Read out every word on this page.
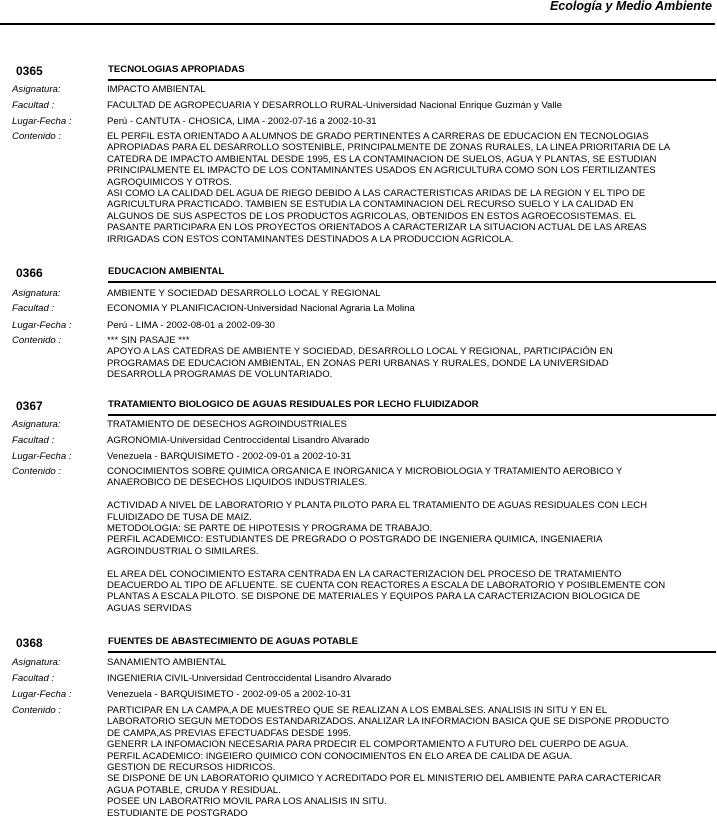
Ecología y Medio Ambiente
0365	TECNOLOGIAS APROPIADAS
Asignatura:	IMPACTO AMBIENTAL
Facultad :	FACULTAD DE AGROPECUARIA Y DESARROLLO RURAL-Universidad Nacional Enrique Guzmán y Valle
Lugar-Fecha :	Perú - CANTUTA - CHOSICA, LIMA - 2002-07-16 a 2002-10-31
Contenido :	EL PERFIL ESTA ORIENTADO A ALUMNOS DE GRADO PERTINENTES A CARRERAS DE EDUCACION EN TECNOLOGIAS

APROPIADAS PARA EL DESARROLLO SOSTENIBLE, PRINCIPALMENTE DE ZONAS RURALES, LA LINEA PRIORITARIA DE LA

CATEDRA DE IMPACTO AMBIENTAL DESDE 1995, ES LA CONTAMINACION DE SUELOS, AGUA Y PLANTAS, SE ESTUDIAN

PRINCIPALMENTE EL IMPACTO DE LOS CONTAMINANTES USADOS EN AGRICULTURA COMO SON LOS FERTILIZANTES

AGROQUIMICOS Y OTROS.

ASI COMO LA CALIDAD DEL AGUA DE RIEGO DEBIDO A LAS CARACTERISTICAS ARIDAS DE LA REGION Y EL TIPO DE

AGRICULTURA PRACTICADO. TAMBIEN SE ESTUDIA LA CONTAMINACION DEL RECURSO SUELO Y LA CALIDAD EN

ALGUNOS DE SUS ASPECTOS DE LOS PRODUCTOS AGRICOLAS, OBTENIDOS EN ESTOS AGROECOSISTEMAS. EL

PASANTE PARTICIPARA EN LOS PROYECTOS ORIENTADOS A CARACTERIZAR LA SITUACION ACTUAL DE LAS AREAS

IRRIGADAS CON ESTOS CONTAMINANTES DESTINADOS A LA PRODUCCION AGRICOLA.

0366	EDUCACION AMBIENTAL
Asignatura:	AMBIENTE Y SOCIEDAD DESARROLLO LOCAL Y REGIONAL
Facultad :	ECONOMIA Y PLANIFICACION-Universidad Nacional Agraria La Molina
Lugar-Fecha :	Perú - LIMA - 2002-08-01 a 2002-09-30
Contenido :	*** SIN PASAJE ***

APOYO A LAS CATEDRAS DE AMBIENTE Y SOCIEDAD, DESARROLLO LOCAL Y REGIONAL, PARTICIPACIÓN EN

PROGRAMAS DE EDUCACION AMBIENTAL, EN ZONAS PERI URBANAS Y RURALES, DONDE LA UNIVERSIDAD

DESARROLLA PROGRAMAS DE VOLUNTARIADO.

0367	TRATAMIENTO BIOLOGICO DE AGUAS RESIDUALES POR LECHO FLUIDIZADOR
Asignatura:	TRATAMIENTO DE DESECHOS AGROINDUSTRIALES
Facultad :	AGRONOMIA-Universidad Centroccidental Lisandro Alvarado
Lugar-Fecha :	Venezuela - BARQUISIMETO - 2002-09-01 a 2002-10-31
Contenido :	CONOCIMIENTOS SOBRE QUIMICA ORGANICA E INORGANICA Y MICROBIOLOGIA Y TRATAMIENTO AEROBICO Y

ANAEROBICO DE DESECHOS LIQUIDOS INDUSTRIALES.

ACTIVIDAD A NIVEL DE LABORATORIO Y PLANTA PILOTO PARA EL TRATAMIENTO DE AGUAS RESIDUALES CON LECH

FLUIDIZADO DE TUSA DE MAIZ.

METODOLOGIA: SE PARTE DE HIPOTESIS Y PROGRAMA DE TRABAJO.

PERFIL ACADEMICO: ESTUDIANTES DE PREGRADO O POSTGRADO DE INGENIERA QUIMICA, INGENIAERIA

AGROINDUSTRIAL O SIMILARES.

EL AREA DEL CONOCIMIENTO ESTARA CENTRADA EN LA CARACTERIZACION DEL PROCESO DE TRATAMIENTO

DEACUERDO AL TIPO DE AFLUENTE. SE CUENTA CON REACTORES A ESCALA DE LABORATORIO Y POSIBLEMENTE CON

PLANTAS A ESCALA PILOTO. SE DISPONE DE MATERIALES Y EQUIPOS PARA LA CARACTERIZACION BIOLOGICA DE

AGUAS SERVIDAS

0368	FUENTES DE ABASTECIMIENTO DE AGUAS POTABLE
Asignatura:	SANAMIENTO AMBIENTAL
Facultad :	INGENIERIA CIVIL-Universidad Centroccidental Lisandro Alvarado
Lugar-Fecha :	Venezuela - BARQUISIMETO - 2002-09-05 a 2002-10-31
Contenido :	PARTICIPAR EN LA CAMPA,A DE MUESTREO QUE SE REALIZAN A LOS EMBALSES. ANALISIS IN SITU Y EN EL

LABORATORIO SEGUN METODOS ESTANDARIZADOS. ANALIZAR LA INFORMACION BASICA QUE SE DISPONE PRODUCTO

DE CAMPA,AS PREVIAS EFECTUADFAS DESDE 1995.

GENERR LA INFOMACION NECESARIA PARA PRDECIR EL COMPORTAMIENTO A FUTURO DEL CUERPO DE AGUA.

PERFIL ACADEMICO: INGEIERO QUIMICO CON CONOCIMIENTOS EN ELO AREA DE CALIDA DE AGUA.

GESTION DE RECURSOS HIDRICOS.

SE DISPONE DE UN LABORATORIO QUIMICO Y ACREDITADO POR EL MINISTERIO DEL AMBIENTE PARA CARACTERICAR

AGUA POTABLE, CRUDA Y RESIDUAL.

POSEE UN LABORATRIO MOVIL PARA LOS ANALISIS IN SITU.

ESTUDIANTE DE POSTGRADO
